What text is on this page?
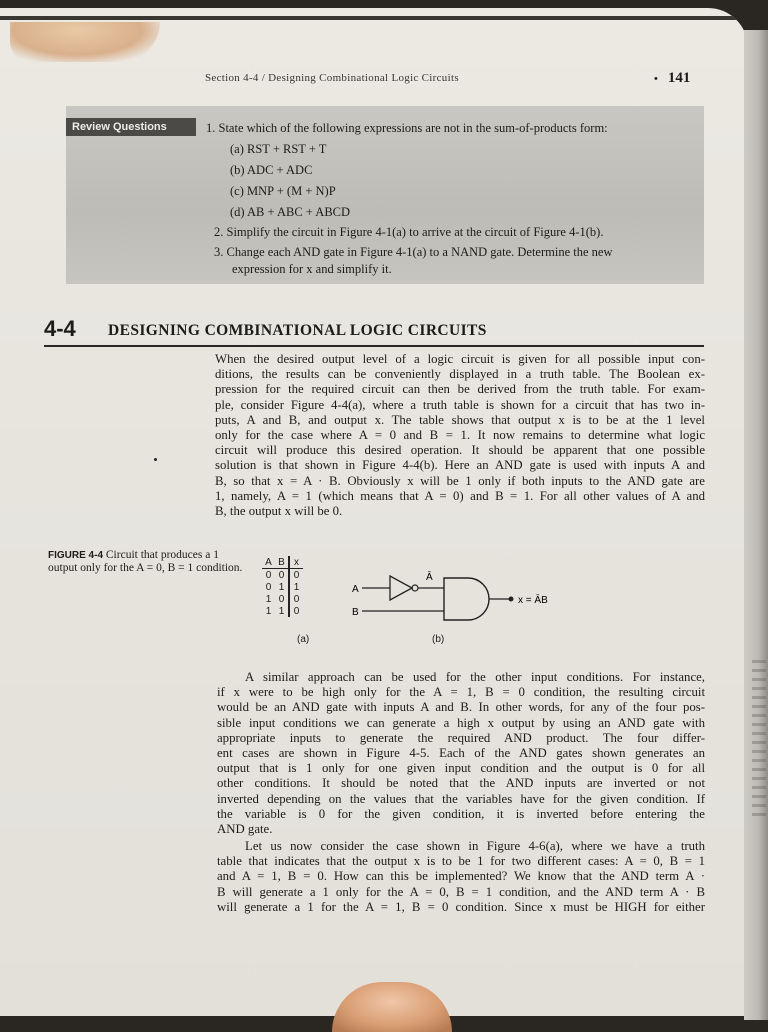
Section 4-4 / Designing Combinational Logic Circuits	• 141
Review Questions	1. State which of the following expressions are not in the sum-of-products form:
(a) RST + RST + T
(b) ADC + ADC
(c) MNP + (M + N)P
(d) AB + ABC + ABCD
2. Simplify the circuit in Figure 4-1(a) to arrive at the circuit of Figure 4-1(b).
3. Change each AND gate in Figure 4-1(a) to a NAND gate. Determine the new
expression for x and simplify it.
4-4 DESIGNING COMBINATIONAL LOGIC CIRCUITS
When the desired output level of a logic circuit is given for all possible input con-
ditions, the results can be conveniently displayed in a truth table. The Boolean ex-
pression for the required circuit can then be derived from the truth table. For exam-
ple, consider Figure 4-4(a), where a truth table is shown for a circuit that has two in-
puts, A and B, and output x. The table shows that output x is to be at the 1 level
only for the case where A = 0 and B = 1. It now remains to determine what logic
circuit will produce this desired operation. It should be apparent that one possible
solution is that shown in Figure 4-4(b). Here an AND gate is used with inputs A and
B, so that x = A · B. Obviously x will be 1 only if both inputs to the AND gate are
1, namely, A = 1 (which means that A = 0) and B = 1. For all other values of A and
B, the output x will be 0.
FIGURE 4-4 Circuit that produces a 1 output only for the A = 0, B = 1 condition.	A	B	x
0	0	0
0	1	1
1	0	0
1	1	0
(a)	(b)
A
B
Ā
x = ĀB
A similar approach can be used for the other input conditions. For instance,
if x were to be high only for the A = 1, B = 0 condition, the resulting circuit
would be an AND gate with inputs A and B. In other words, for any of the four pos-
sible input conditions we can generate a high x output by using an AND gate with
appropriate inputs to generate the required AND product. The four differ-
ent cases are shown in Figure 4-5. Each of the AND gates shown generates an
output that is 1 only for one given input condition and the output is 0 for all
other conditions. It should be noted that the AND inputs are inverted or not
inverted depending on the values that the variables have for the given condition. If
the variable is 0 for the given condition, it is inverted before entering the
AND gate.
Let us now consider the case shown in Figure 4-6(a), where we have a truth
table that indicates that the output x is to be 1 for two different cases: A = 0, B = 1
and A = 1, B = 0. How can this be implemented? We know that the AND term A ·
B will generate a 1 only for the A = 0, B = 1 condition, and the AND term A · B
will generate a 1 for the A = 1, B = 0 condition. Since x must be HIGH for either
